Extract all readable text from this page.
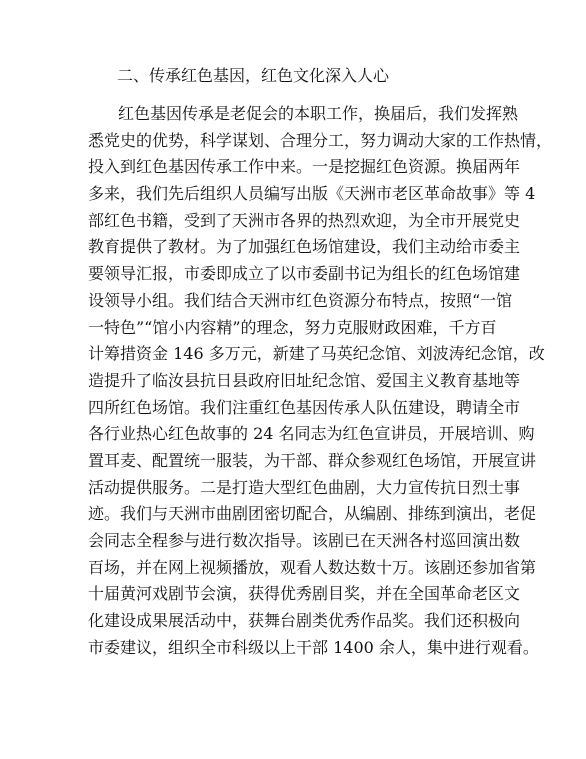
二、传承红色基因，红色文化深入人心
红色基因传承是老促会的本职工作，换届后，我们发挥熟
悉党史的优势，科学谋划、合理分工，努力调动大家的工作热情，
投入到红色基因传承工作中来。一是挖掘红色资源。换届两年
多来，我们先后组织人员编写出版《天洲市老区革命故事》等 4
部红色书籍，受到了天洲市各界的热烈欢迎，为全市开展党史
教育提供了教材。为了加强红色场馆建设，我们主动给市委主
要领导汇报，市委即成立了以市委副书记为组长的红色场馆建
设领导小组。我们结合天洲市红色资源分布特点，按照“一馆
一特色”“馆小内容精”的理念，努力克服财政困难，千方百
计筹措资金 146 多万元，新建了马英纪念馆、刘波涛纪念馆，改
造提升了临汝县抗日县政府旧址纪念馆、爱国主义教育基地等
四所红色场馆。我们注重红色基因传承人队伍建设，聘请全市
各行业热心红色故事的 24 名同志为红色宣讲员，开展培训、购
置耳麦、配置统一服装，为干部、群众参观红色场馆，开展宣讲
活动提供服务。二是打造大型红色曲剧，大力宣传抗日烈士事
迹。我们与天洲市曲剧团密切配合，从编剧、排练到演出，老促
会同志全程参与进行数次指导。该剧已在天洲各村巡回演出数
百场，并在网上视频播放，观看人数达数十万。该剧还参加省第
十届黄河戏剧节会演，获得优秀剧目奖，并在全国革命老区文
化建设成果展活动中，获舞台剧类优秀作品奖。我们还积极向
市委建议，组织全市科级以上干部 1400 余人，集中进行观看。
